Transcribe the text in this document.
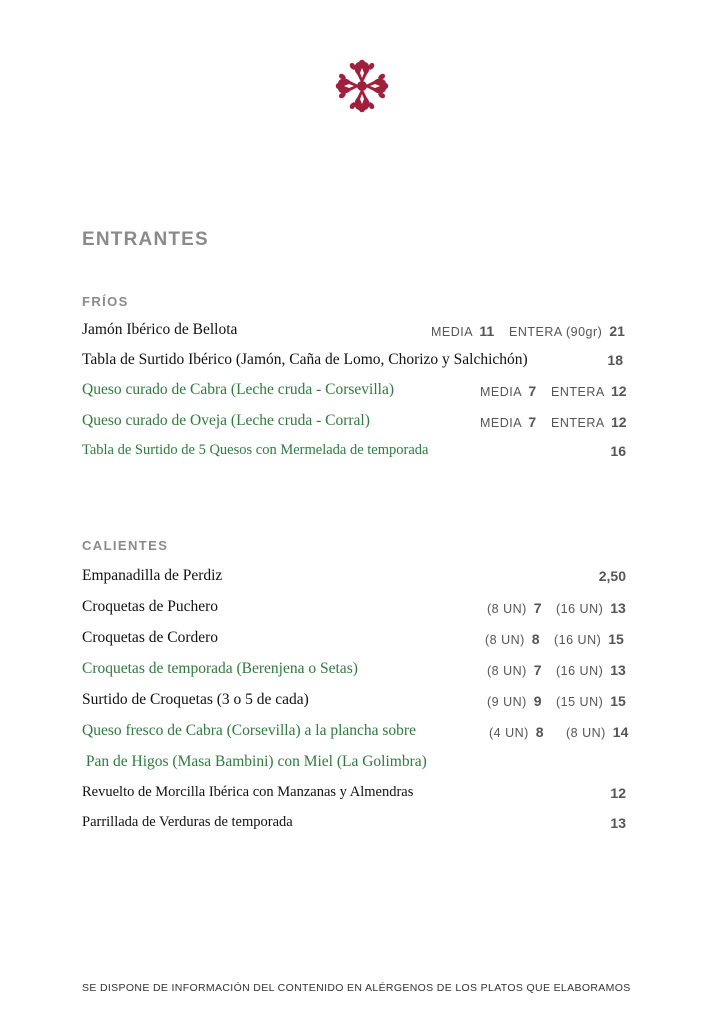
ENTRANTES
FRÍOS
Jamón Ibérico de Bellota	MEDIA 11 ENTERA (90gr) 21
Tabla de Surtido Ibérico (Jamón, Caña de Lomo, Chorizo y Salchichón)	18
Queso curado de Cabra (Leche cruda - Corsevilla)	MEDIA 7 ENTERA 12
Queso curado de Oveja (Leche cruda - Corral)	MEDIA 7 ENTERA 12
Tabla de Surtido de 5 Quesos con Mermelada de temporada	16
CALIENTES
Empanadilla de Perdiz	2,50
Croquetas de Puchero	(8 UN) 7 (16 UN) 13
Croquetas de Cordero	(8 UN) 8 (16 UN) 15
Croquetas de temporada (Berenjena o Setas)	(8 UN) 7 (16 UN) 13
Surtido de Croquetas (3 o 5 de cada)	(9 UN) 9 (15 UN) 15
Queso fresco de Cabra (Corsevilla) a la plancha sobre	(4 UN) 8 (8 UN) 14
Pan de Higos (Masa Bambini) con Miel (La Golimbra)
Revuelto de Morcilla Ibérica con Manzanas y Almendras	12
Parrillada de Verduras de temporada	13
SE DISPONE DE INFORMACIÓN DEL CONTENIDO EN ALÉRGENOS DE LOS PLATOS QUE ELABORAMOS
